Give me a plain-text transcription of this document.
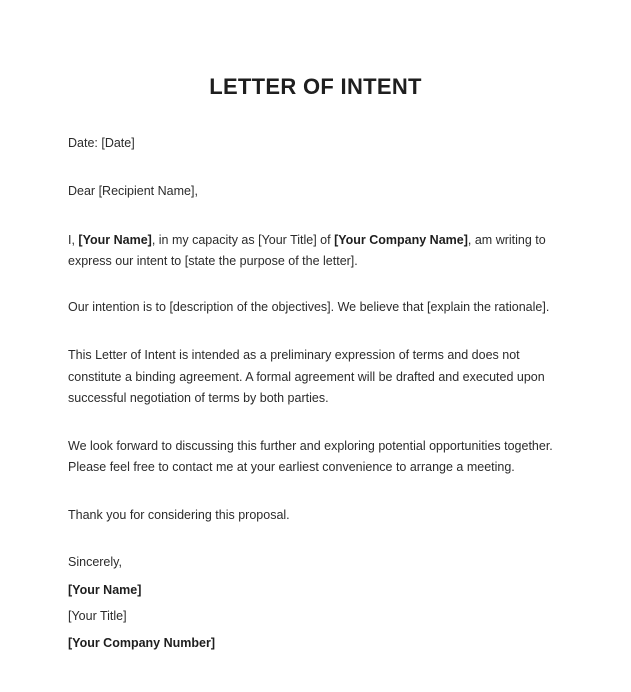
LETTER OF INTENT
Date: [Date]
Dear [Recipient Name],
I, [Your Name], in my capacity as [Your Title] of [Your Company Name], am writing to
express our intent to [state the purpose of the letter].
Our intention is to [description of the objectives]. We believe that [explain the rationale].
This Letter of Intent is intended as a preliminary expression of terms and does not
constitute a binding agreement. A formal agreement will be drafted and executed upon
successful negotiation of terms by both parties.
We look forward to discussing this further and exploring potential opportunities together.
Please feel free to contact me at your earliest convenience to arrange a meeting.
Thank you for considering this proposal.
Sincerely,
[Your Name]
[Your Title]
[Your Company Number]
